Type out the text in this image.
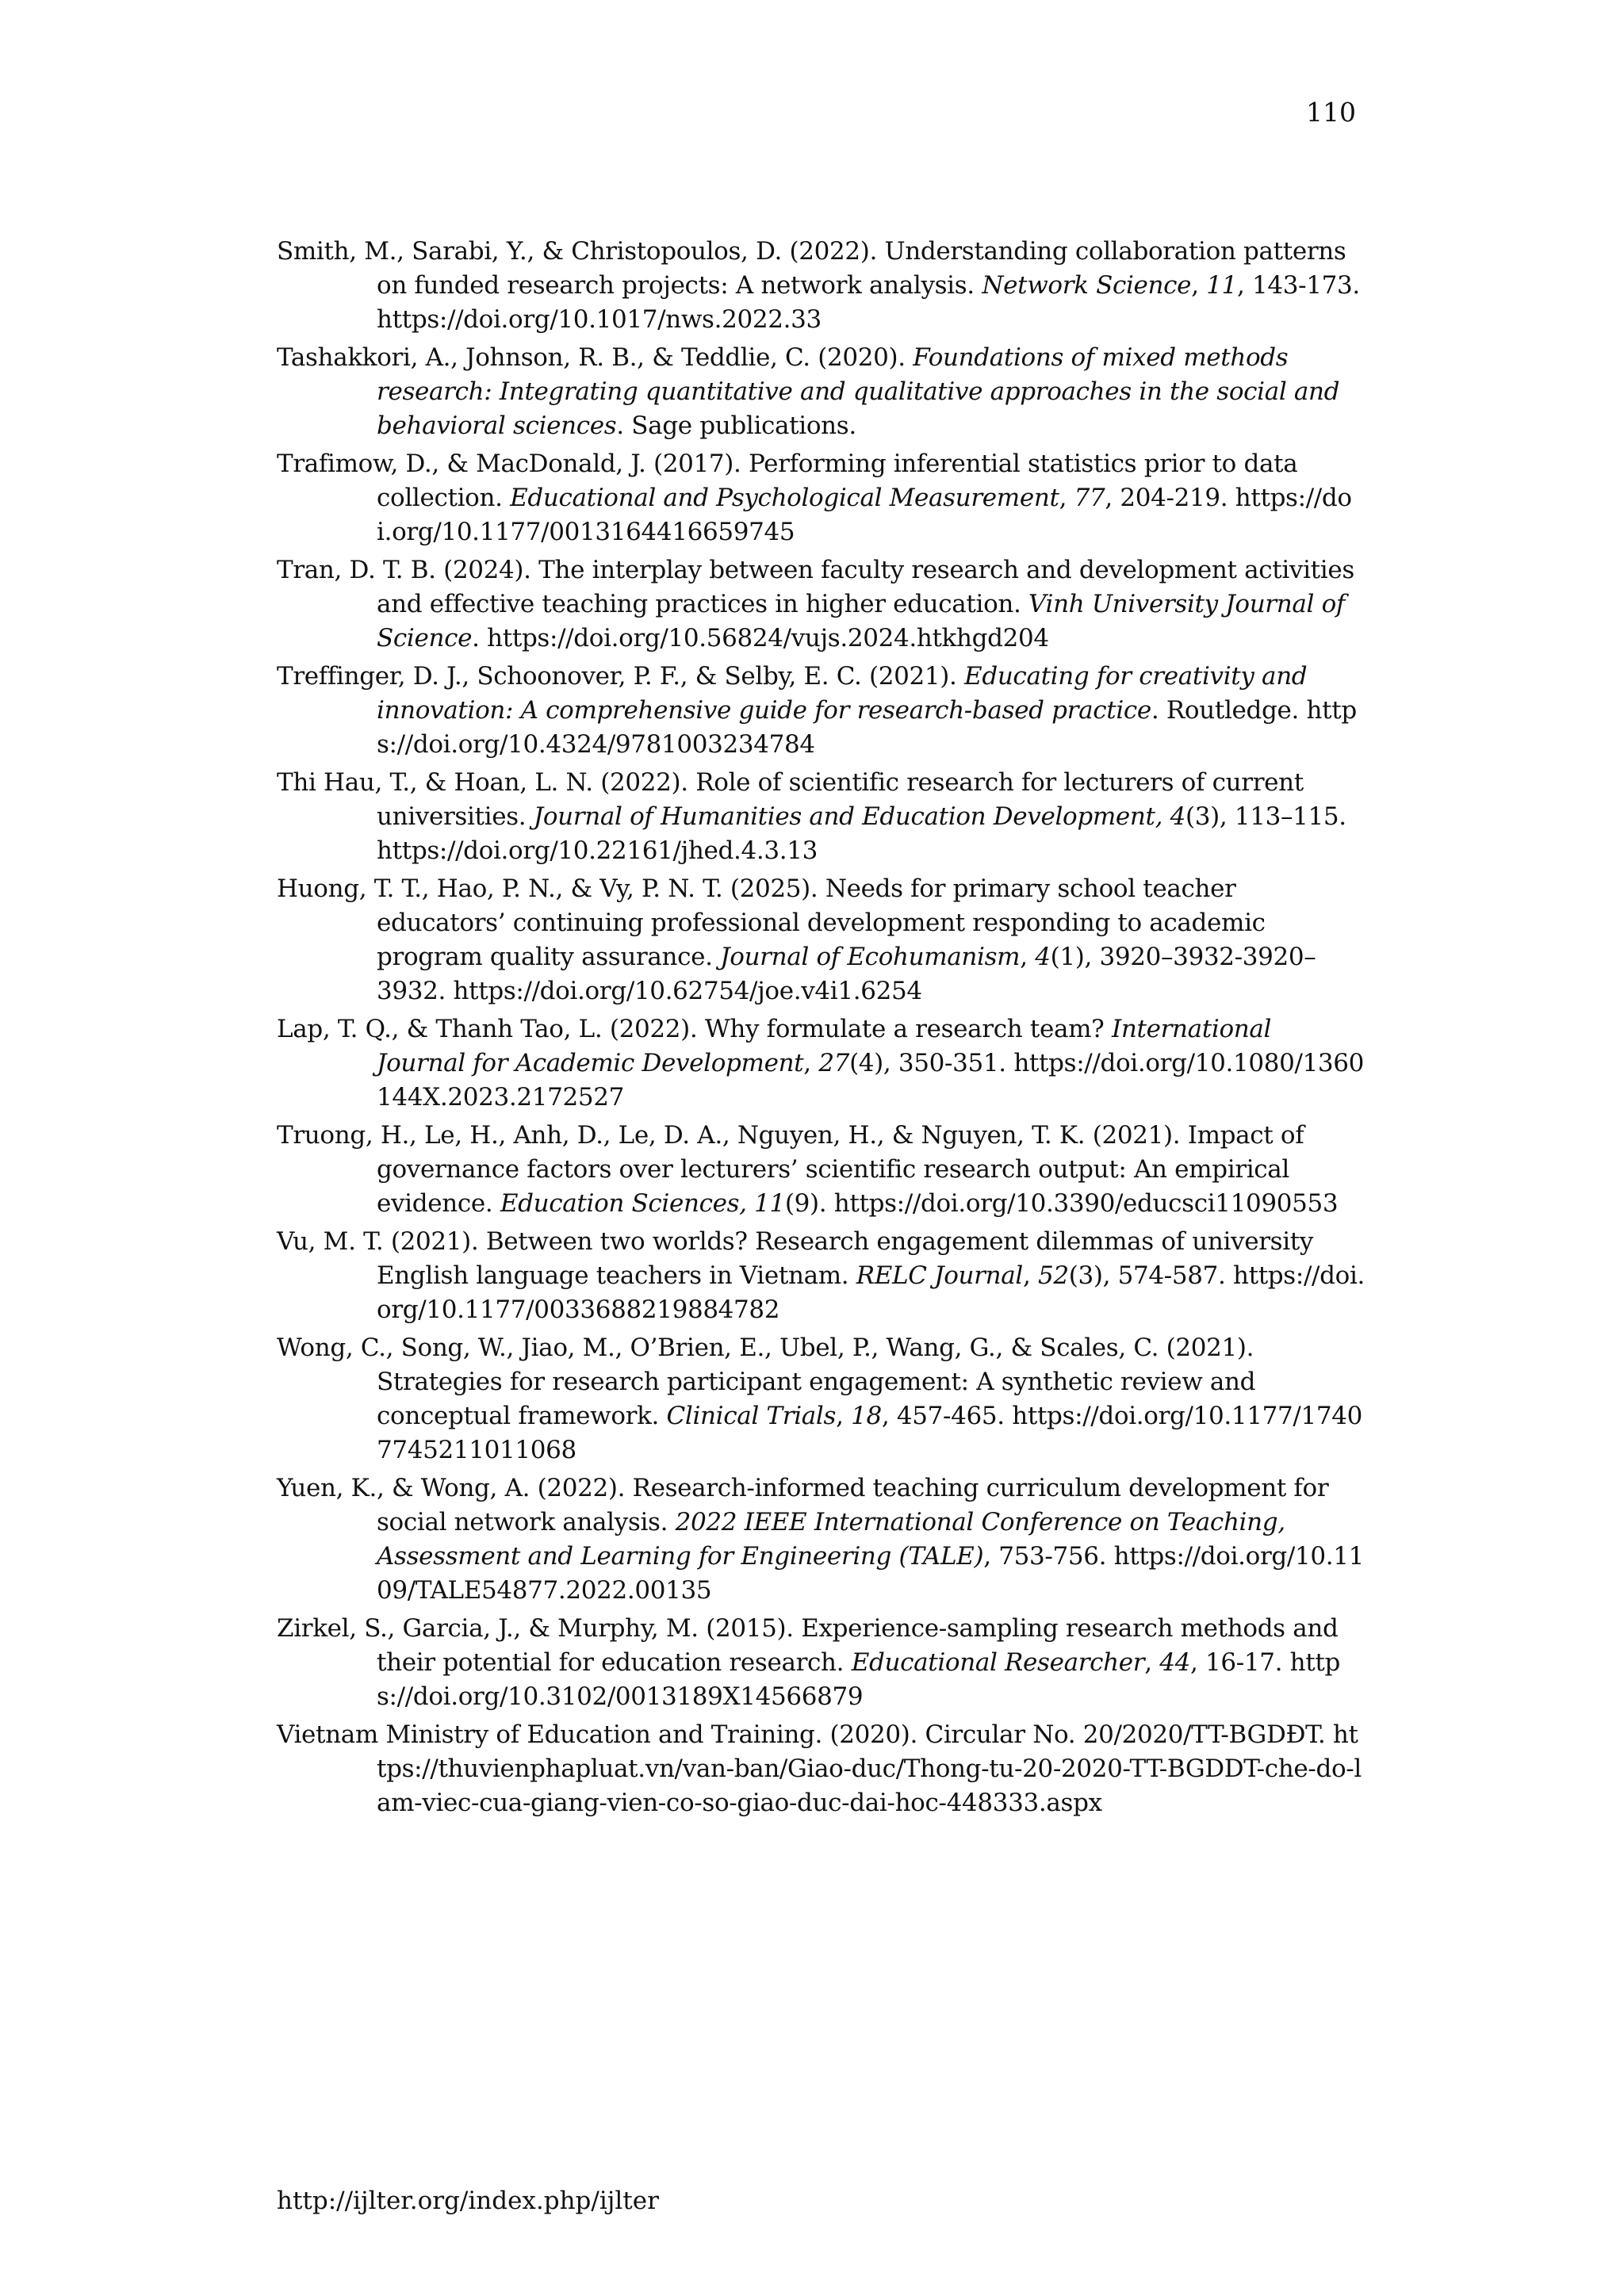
110
Smith, M., Sarabi, Y., & Christopoulos, D. (2022). Understanding collaboration patterns on funded research projects: A network analysis. Network Science, 11, 143-173. https://doi.org/10.1017/nws.2022.33
Tashakkori, A., Johnson, R. B., & Teddlie, C. (2020). Foundations of mixed methods research: Integrating quantitative and qualitative approaches in the social and behavioral sciences. Sage publications.
Trafimow, D., & MacDonald, J. (2017). Performing inferential statistics prior to data collection. Educational and Psychological Measurement, 77, 204-219. https://doi.org/10.1177/0013164416659745
Tran, D. T. B. (2024). The interplay between faculty research and development activities and effective teaching practices in higher education. Vinh University Journal of Science. https://doi.org/10.56824/vujs.2024.htkhgd204
Treffinger, D. J., Schoonover, P. F., & Selby, E. C. (2021). Educating for creativity and innovation: A comprehensive guide for research-based practice. Routledge. https://doi.org/10.4324/9781003234784
Thi Hau, T., & Hoan, L. N. (2022). Role of scientific research for lecturers of current universities. Journal of Humanities and Education Development, 4(3), 113–115. https://doi.org/10.22161/jhed.4.3.13
Huong, T. T., Hao, P. N., & Vy, P. N. T. (2025). Needs for primary school teacher educators’ continuing professional development responding to academic program quality assurance. Journal of Ecohumanism, 4(1), 3920–3932-3920–3932. https://doi.org/10.62754/joe.v4i1.6254
Lap, T. Q., & Thanh Tao, L. (2022). Why formulate a research team? International Journal for Academic Development, 27(4), 350-351. https://doi.org/10.1080/1360144X.2023.2172527
Truong, H., Le, H., Anh, D., Le, D. A., Nguyen, H., & Nguyen, T. K. (2021). Impact of governance factors over lecturers’ scientific research output: An empirical evidence. Education Sciences, 11(9). https://doi.org/10.3390/educsci11090553
Vu, M. T. (2021). Between two worlds? Research engagement dilemmas of university English language teachers in Vietnam. RELC Journal, 52(3), 574-587. https://doi.org/10.1177/0033688219884782
Wong, C., Song, W., Jiao, M., O’Brien, E., Ubel, P., Wang, G., & Scales, C. (2021). Strategies for research participant engagement: A synthetic review and conceptual framework. Clinical Trials, 18, 457-465. https://doi.org/10.1177/17407745211011068
Yuen, K., & Wong, A. (2022). Research-informed teaching curriculum development for social network analysis. 2022 IEEE International Conference on Teaching, Assessment and Learning for Engineering (TALE), 753-756. https://doi.org/10.1109/TALE54877.2022.00135
Zirkel, S., Garcia, J., & Murphy, M. (2015). Experience-sampling research methods and their potential for education research. Educational Researcher, 44, 16-17. https://doi.org/10.3102/0013189X14566879
Vietnam Ministry of Education and Training. (2020). Circular No. 20/2020/TT-BGDĐT. https://thuvienphapluat.vn/van-ban/Giao-duc/Thong-tu-20-2020-TT-BGDDT-che-do-lam-viec-cua-giang-vien-co-so-giao-duc-dai-hoc-448333.aspx
http://ijlter.org/index.php/ijlter
